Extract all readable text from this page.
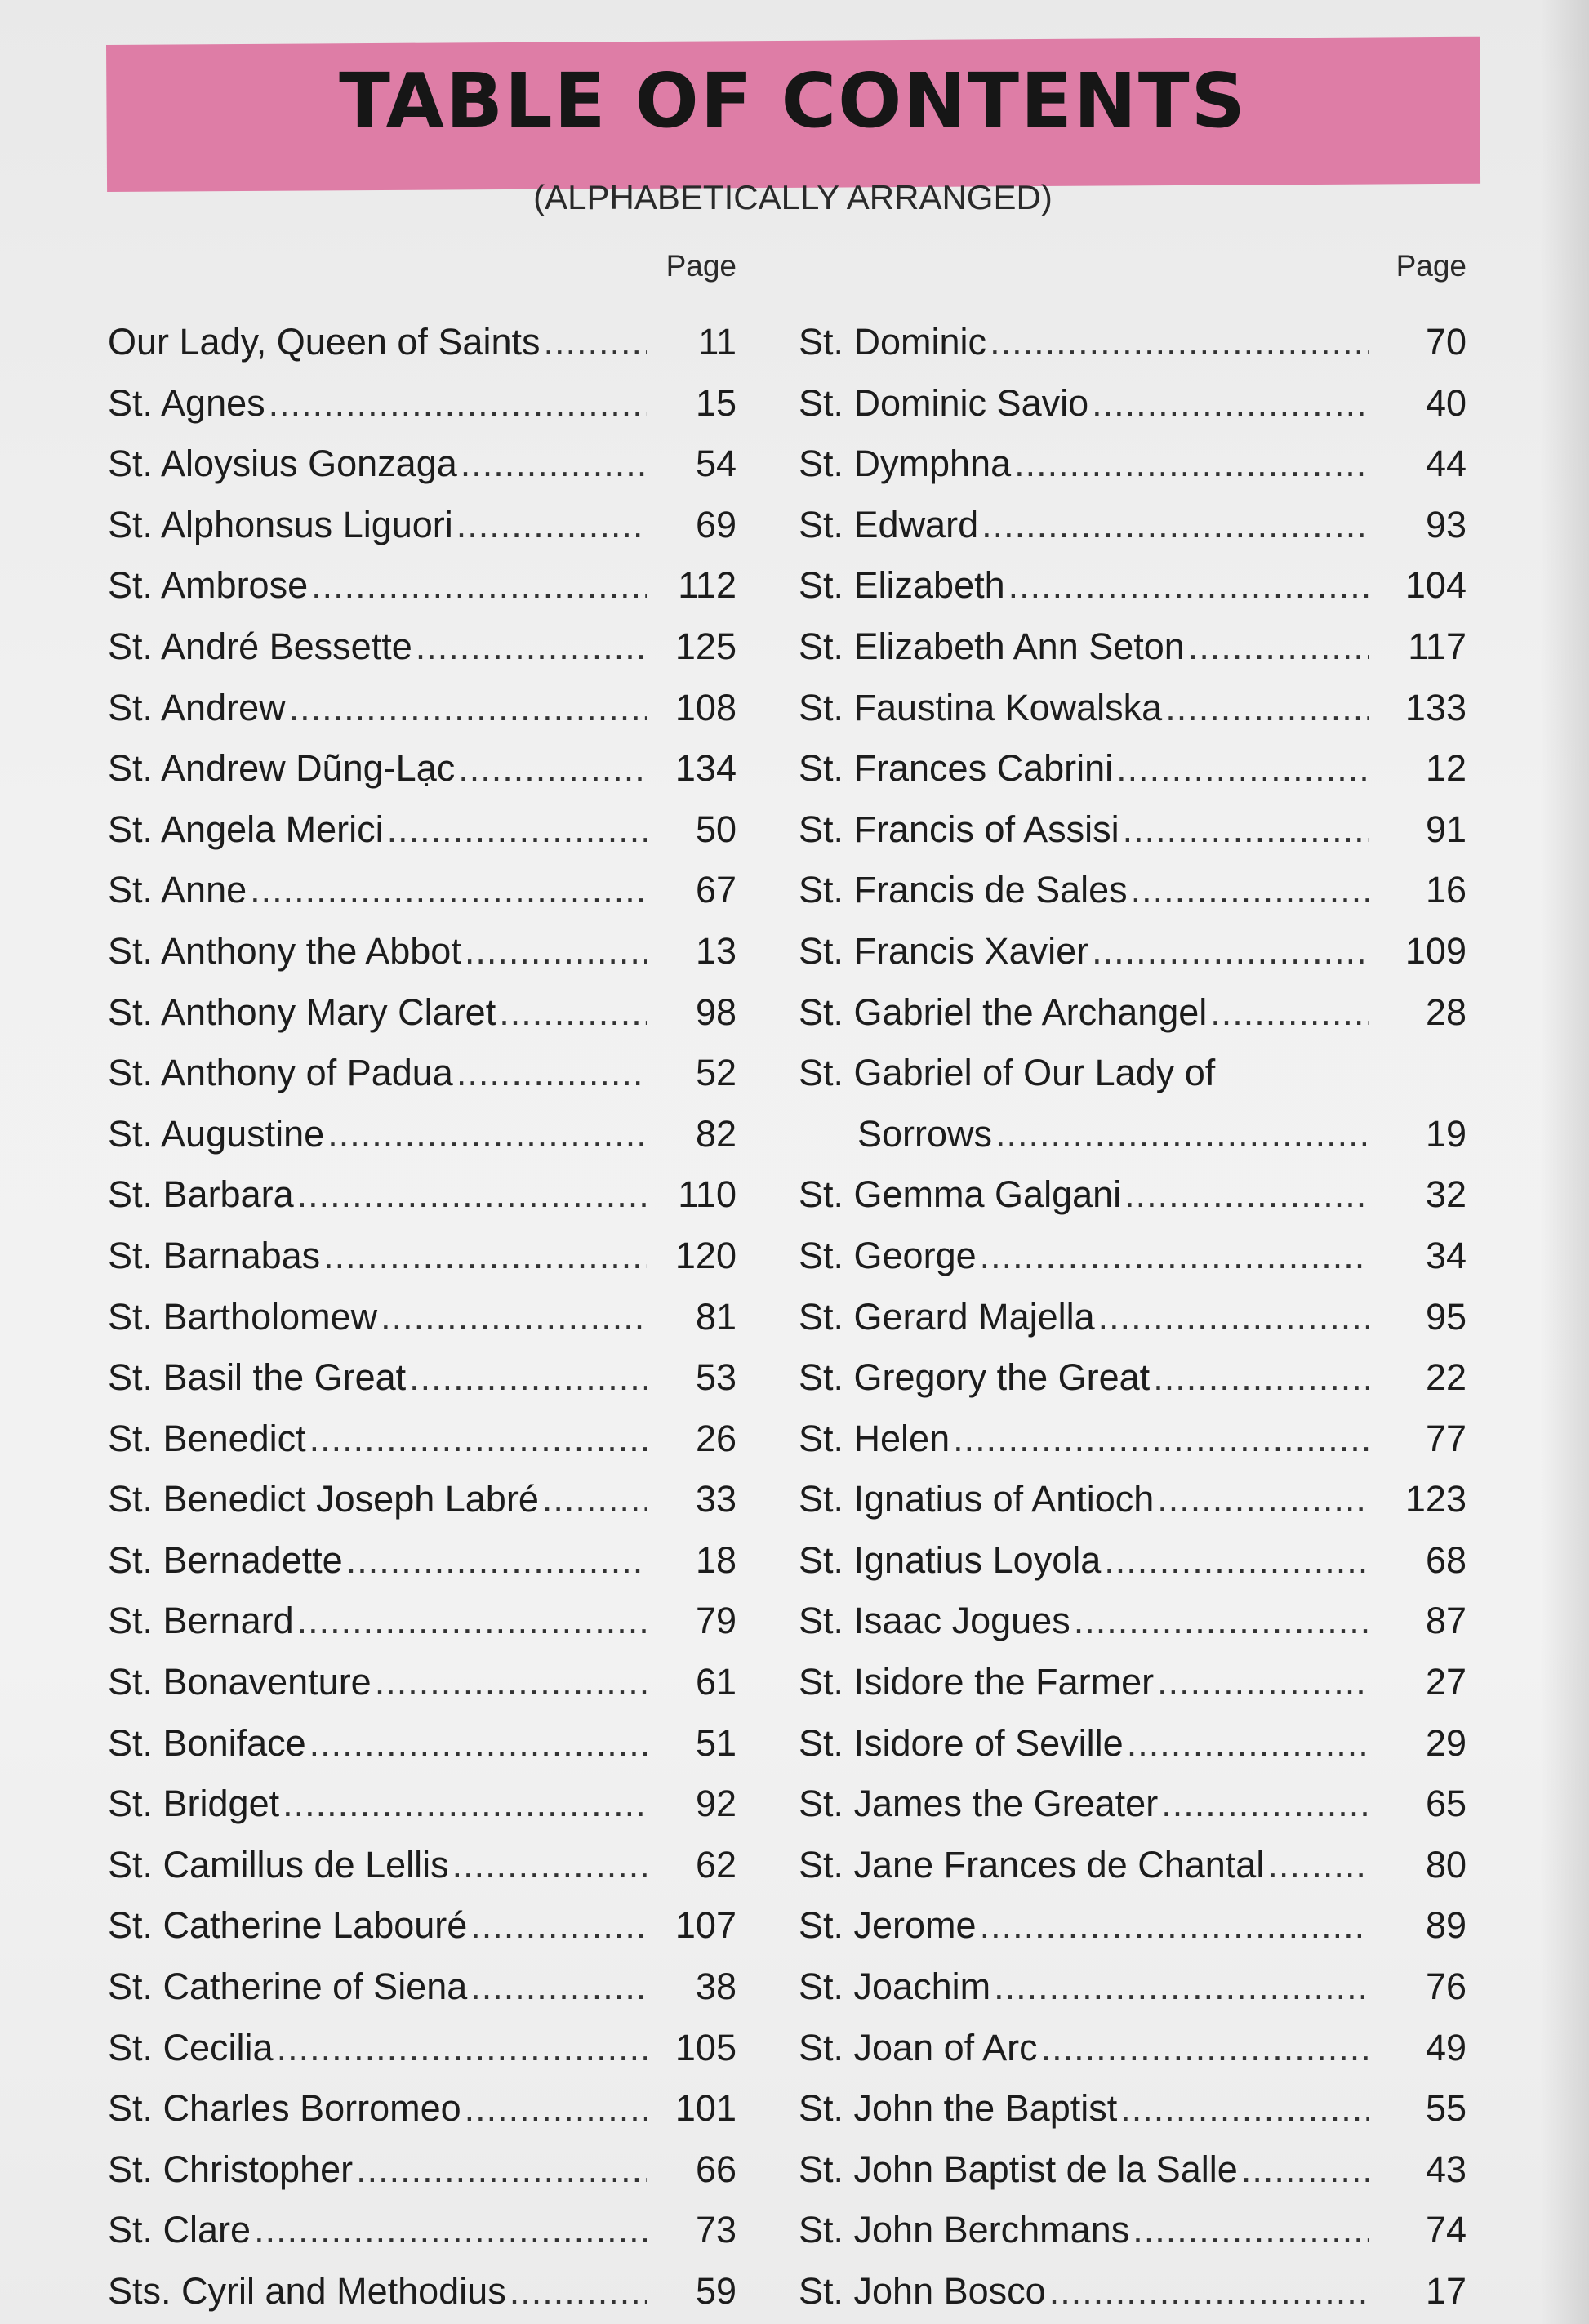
TABLE OF CONTENTS

(ALPHABETICALLY ARRANGED)

Page
Our Lady, Queen of Saints .....	11
St. Agnes .....	15
St. Aloysius Gonzaga .....	54
St. Alphonsus Liguori .....	69
St. Ambrose .....	112
St. André Bessette .....	125
St. Andrew .....	108
St. Andrew Dũng-Lạc .....	134
St. Angela Merici .....	50
St. Anne .....	67
St. Anthony the Abbot .....	13
St. Anthony Mary Claret .....	98
St. Anthony of Padua .....	52
St. Augustine .....	82
St. Barbara .....	110
St. Barnabas .....	120
St. Bartholomew .....	81
St. Basil the Great .....	53
St. Benedict .....	26
St. Benedict Joseph Labré .....	33
St. Bernadette .....	18
St. Bernard .....	79
St. Bonaventure .....	61
St. Boniface .....	51
St. Bridget .....	92
St. Camillus de Lellis .....	62
St. Catherine Labouré .....	107
St. Catherine of Siena .....	38
St. Cecilia .....	105
St. Charles Borromeo .....	101
St. Christopher .....	66
St. Clare .....	73
Sts. Cyril and Methodius .....	59
Page
St. Dominic .....	70
St. Dominic Savio .....	40
St. Dymphna .....	44
St. Edward .....	93
St. Elizabeth .....	104
St. Elizabeth Ann Seton .....	117
St. Faustina Kowalska .....	133
St. Frances Cabrini .....	12
St. Francis of Assisi .....	91
St. Francis de Sales .....	16
St. Francis Xavier .....	109
St. Gabriel the Archangel .....	28
St. Gabriel of Our Lady of
Sorrows .....	19
St. Gemma Galgani .....	32
St. George .....	34
St. Gerard Majella .....	95
St. Gregory the Great .....	22
St. Helen .....	77
St. Ignatius of Antioch .....	123
St. Ignatius Loyola .....	68
St. Isaac Jogues .....	87
St. Isidore the Farmer .....	27
St. Isidore of Seville .....	29
St. James the Greater .....	65
St. Jane Frances de Chantal .....	80
St. Jerome .....	89
St. Joachim .....	76
St. Joan of Arc .....	49
St. John the Baptist .....	55
St. John Baptist de la Salle .....	43
St. John Berchmans .....	74
St. John Bosco .....	17
